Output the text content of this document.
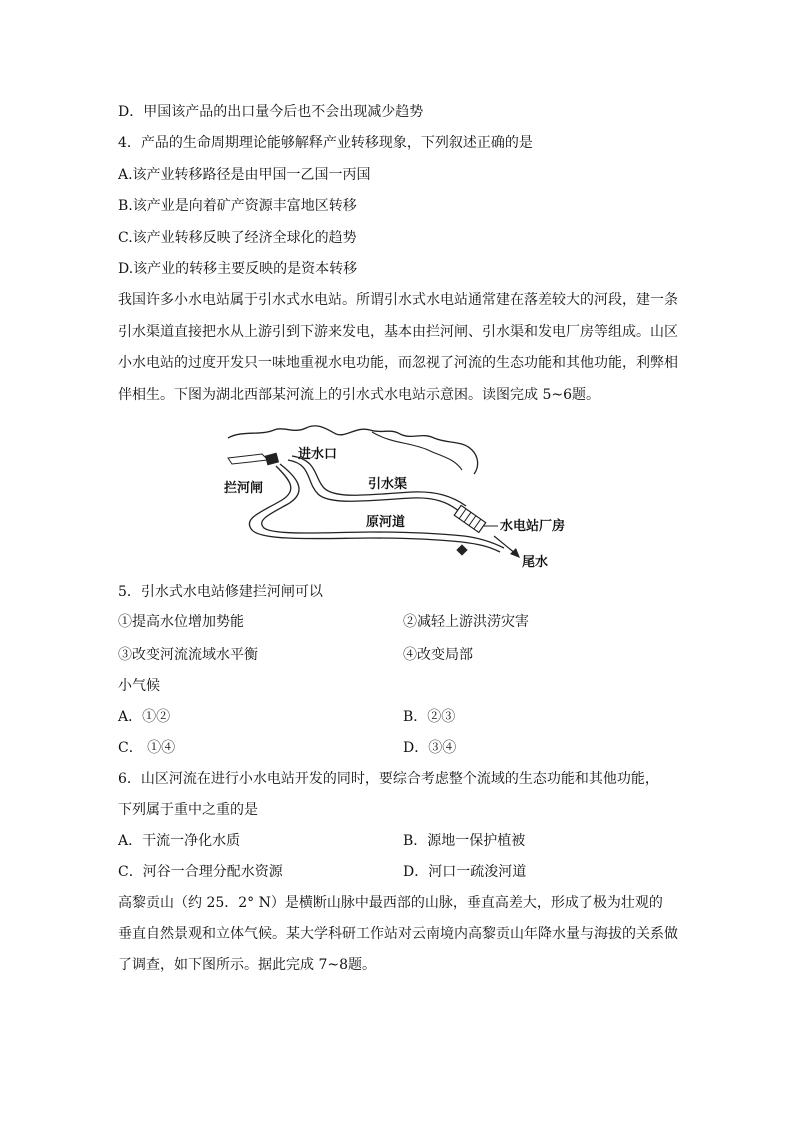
D．甲国该产品的出口量今后也不会出现减少趋势
4．产品的生命周期理论能够解释产业转移现象，下列叙述正确的是
A.该产业转移路径是由甲国一乙国一丙国
B.该产业是向着矿产资源丰富地区转移
C.该产业转移反映了经济全球化的趋势
D.该产业的转移主要反映的是资本转移
我国许多小水电站属于引水式水电站。所谓引水式水电站通常建在落差较大的河段，建一条
引水渠道直接把水从上游引到下游来发电，基本由拦河闸、引水渠和发电厂房等组成。山区
小水电站的过度开发只一味地重视水电功能，而忽视了河流的生态功能和其他功能，利弊相
伴相生。下图为湖北西部某河流上的引水式水电站示意困。读图完成 5~6题。
进水口
拦河闸	引水渠
原河道	水电站厂房
尾水
5．引水式水电站修建拦河闸可以
①提高水位增加势能	②减轻上游洪涝灾害
③改变河流流域水平衡	④改变局部
小气候
A．①②	B．②③
C． ①④	D．③④
6．山区河流在进行小水电站开发的同时，要综合考虑整个流域的生态功能和其他功能，
下列属于重中之重的是
A．干流一净化水质	B．源地一保护植被
C．河谷一合理分配水资源	D．河口一疏浚河道
高黎贡山（约 25．2° N）是横断山脉中最西部的山脉，垂直高差大，形成了极为壮观的
垂直自然景观和立体气候。某大学科研工作站对云南境内高黎贡山年降水量与海拔的关系做
了调查，如下图所示。据此完成 7~8题。
